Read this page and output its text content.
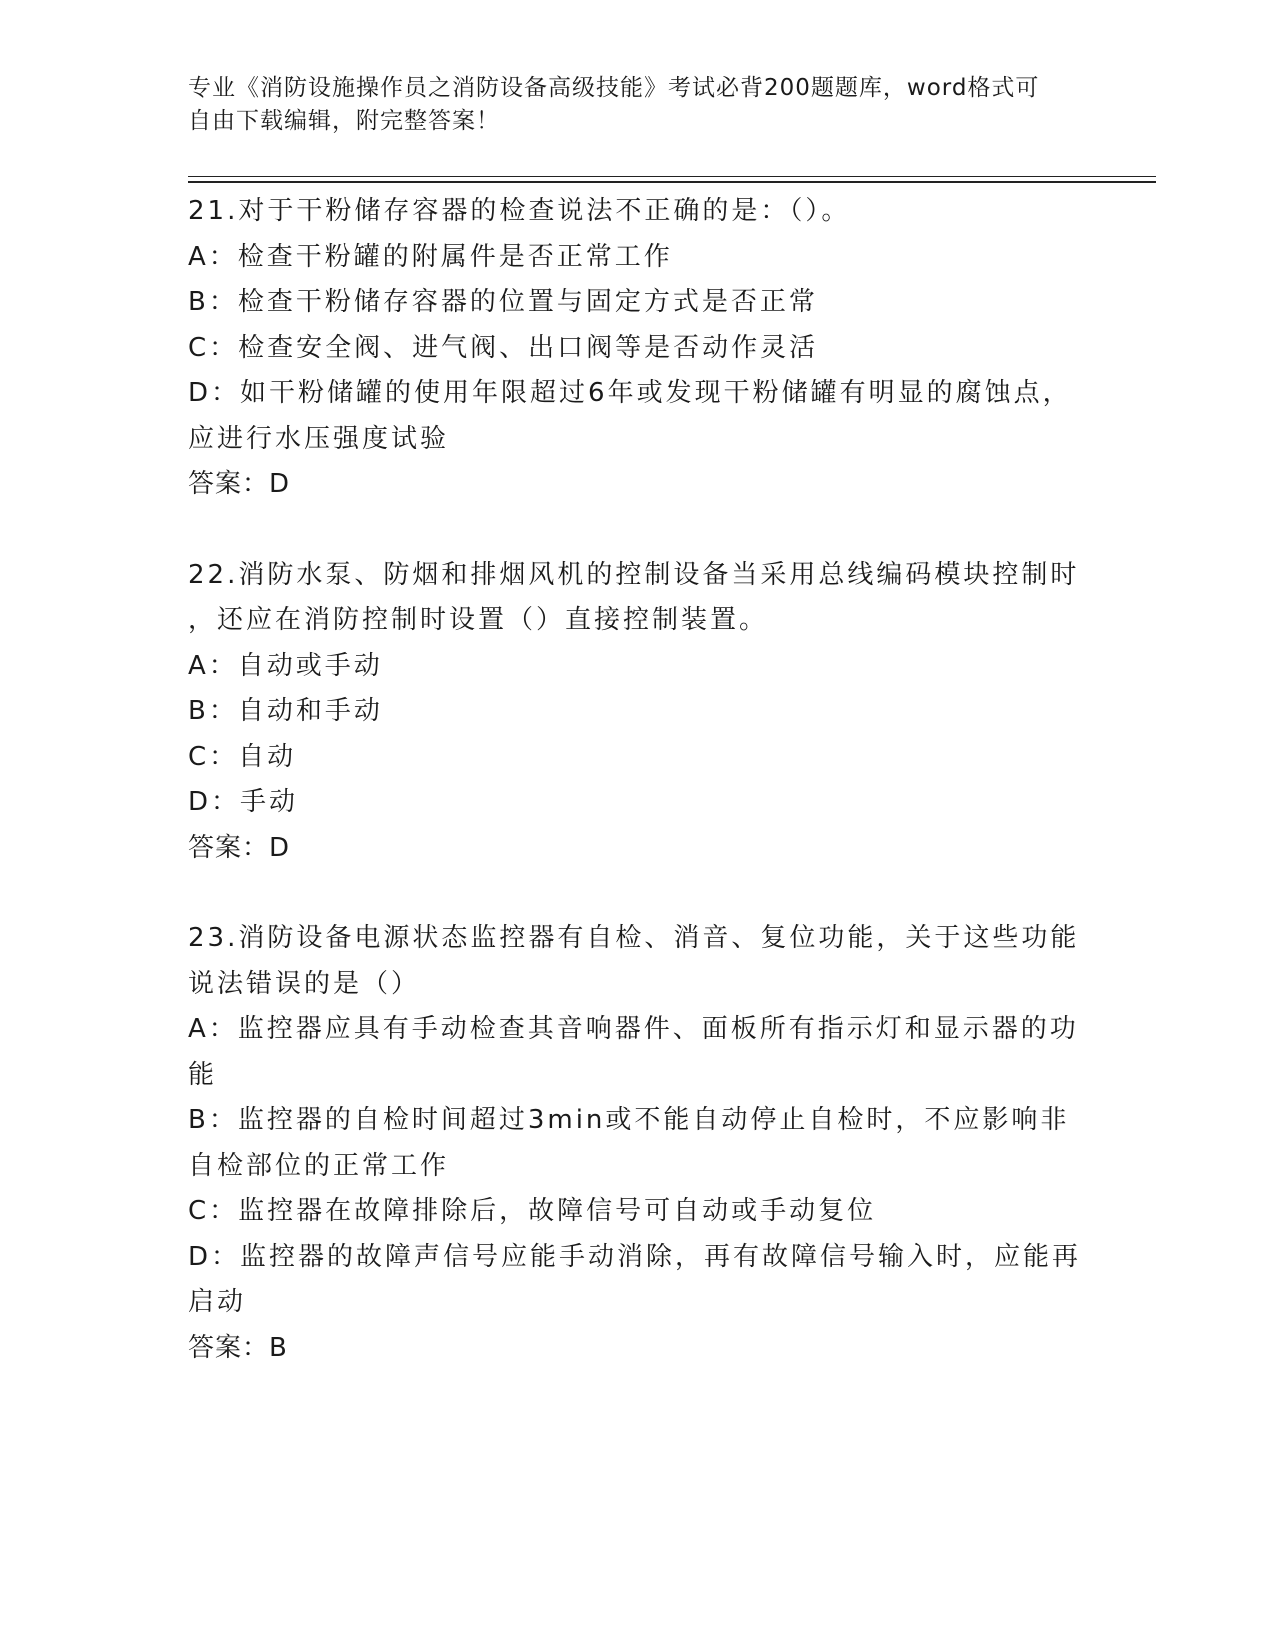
专业《消防设施操作员之消防设备高级技能》考试必背200题题库，word格式可
自由下载编辑，附完整答案！
21.对于干粉储存容器的检查说法不正确的是：（）。
A：检查干粉罐的附属件是否正常工作
B：检查干粉储存容器的位置与固定方式是否正常
C：检查安全阀、进气阀、出口阀等是否动作灵活
D：如干粉储罐的使用年限超过6年或发现干粉储罐有明显的腐蚀点，
应进行水压强度试验
答案：D
22.消防水泵、防烟和排烟风机的控制设备当采用总线编码模块控制时
，还应在消防控制时设置（）直接控制装置。
A：自动或手动
B：自动和手动
C：自动
D：手动
答案：D
23.消防设备电源状态监控器有自检、消音、复位功能，关于这些功能
说法错误的是（）
A：监控器应具有手动检查其音响器件、面板所有指示灯和显示器的功
能
B：监控器的自检时间超过3min或不能自动停止自检时，不应影响非
自检部位的正常工作
C：监控器在故障排除后，故障信号可自动或手动复位
D：监控器的故障声信号应能手动消除，再有故障信号输入时，应能再
启动
答案：B
